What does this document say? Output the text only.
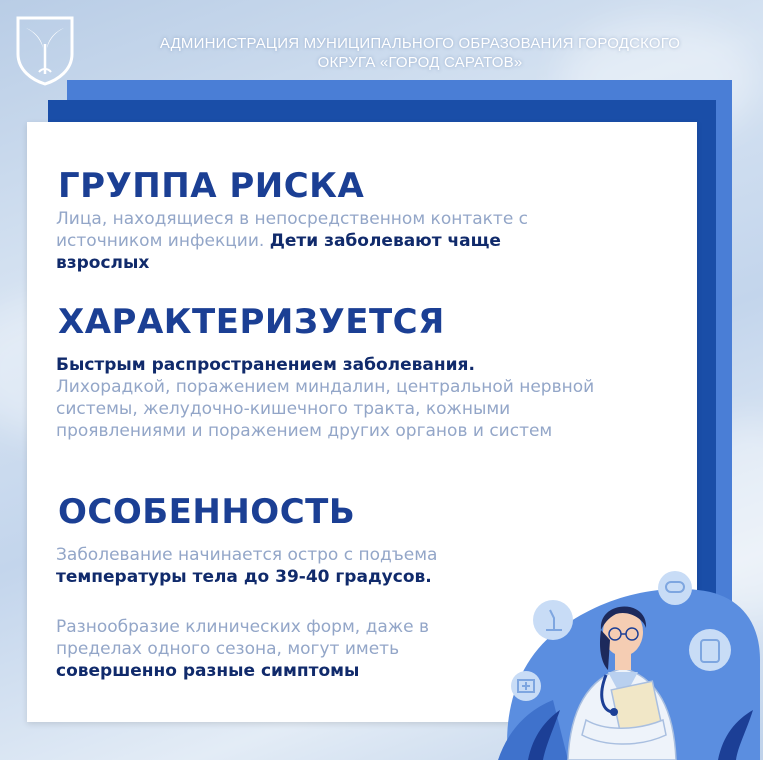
АДМИНИСТРАЦИЯ МУНИЦИПАЛЬНОГО ОБРАЗОВАНИЯ ГОРОДСКОГО
ОКРУГА «ГОРОД САРАТОВ»
ГРУППА РИСКА
Лица, находящиеся в непосредственном контакте с источником инфекции. Дети заболевают чаще взрослых
ХАРАКТЕРИЗУЕТСЯ
Быстрым распространением заболевания.
Лихорадкой, поражением миндалин, центральной нервной системы, желудочно-кишечного тракта, кожными проявлениями и поражением других органов и систем
ОСОБЕННОСТЬ
Заболевание начинается остро с подъема
температуры тела до 39-40 градусов.
Разнообразие клинических форм, даже в пределах одного сезона, могут иметь совершенно разные симптомы
